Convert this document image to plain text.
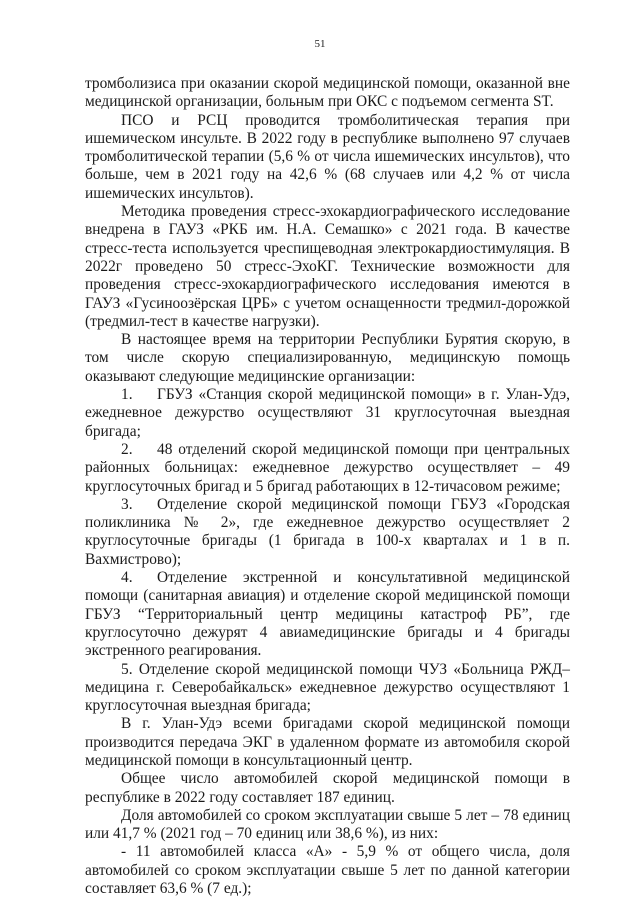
51

тромболизиса при оказании скорой медицинской помощи, оказанной вне медицинской организации, больным при ОКС с подъемом сегмента ST.

ПСО и РСЦ проводится тромболитическая терапия при ишемическом инсульте. В 2022 году в республике выполнено 97 случаев тромболитической терапии (5,6 % от числа ишемических инсультов), что больше, чем в 2021 году на 42,6 % (68 случаев или 4,2 % от числа ишемических инсультов).

Методика проведения стресс-эхокардиографического исследование внедрена в ГАУЗ «РКБ им. Н.А. Семашко» с 2021 года. В качестве стресс-теста используется чреспищеводная электрокардиостимуляция. В 2022г проведено 50 стресс-ЭхоКГ. Технические возможности для проведения стресс-эхокардиографического исследования имеются в ГАУЗ «Гусиноозёрская ЦРБ» с учетом оснащенности тредмил-дорожкой (тредмил-тест в качестве нагрузки).

В настоящее время на территории Республики Бурятия скорую, в том числе скорую специализированную, медицинскую помощь оказывают следующие медицинские организации:

1. ГБУЗ «Станция скорой медицинской помощи» в г. Улан-Удэ, ежедневное дежурство осуществляют 31 круглосуточная выездная бригада;

2. 48 отделений скорой медицинской помощи при центральных районных больницах: ежедневное дежурство осуществляет – 49 круглосуточных бригад и 5 бригад работающих в 12-тичасовом режиме;

3. Отделение скорой медицинской помощи ГБУЗ «Городская поликлиника № 2», где ежедневное дежурство осуществляет 2 круглосуточные бригады (1 бригада в 100-х кварталах и 1 в п. Вахмистрово);

4. Отделение экстренной и консультативной медицинской помощи (санитарная авиация) и отделение скорой медицинской помощи ГБУЗ “Территориальный центр медицины катастроф РБ”, где круглосуточно дежурят 4 авиамедицинские бригады и 4 бригады экстренного реагирования.

5. Отделение скорой медицинской помощи ЧУЗ «Больница РЖД–медицина г. Северобайкальск» ежедневное дежурство осуществляют 1 круглосуточная выездная бригада;

В г. Улан-Удэ всеми бригадами скорой медицинской помощи производится передача ЭКГ в удаленном формате из автомобиля скорой медицинской помощи в консультационный центр.

Общее число автомобилей скорой медицинской помощи в республике в 2022 году составляет 187 единиц.

Доля автомобилей со сроком эксплуатации свыше 5 лет – 78 единиц или 41,7 % (2021 год – 70 единиц или 38,6 %), из них:

- 11 автомобилей класса «А» - 5,9 % от общего числа, доля автомобилей со сроком эксплуатации свыше 5 лет по данной категории составляет 63,6 % (7 ед.);
